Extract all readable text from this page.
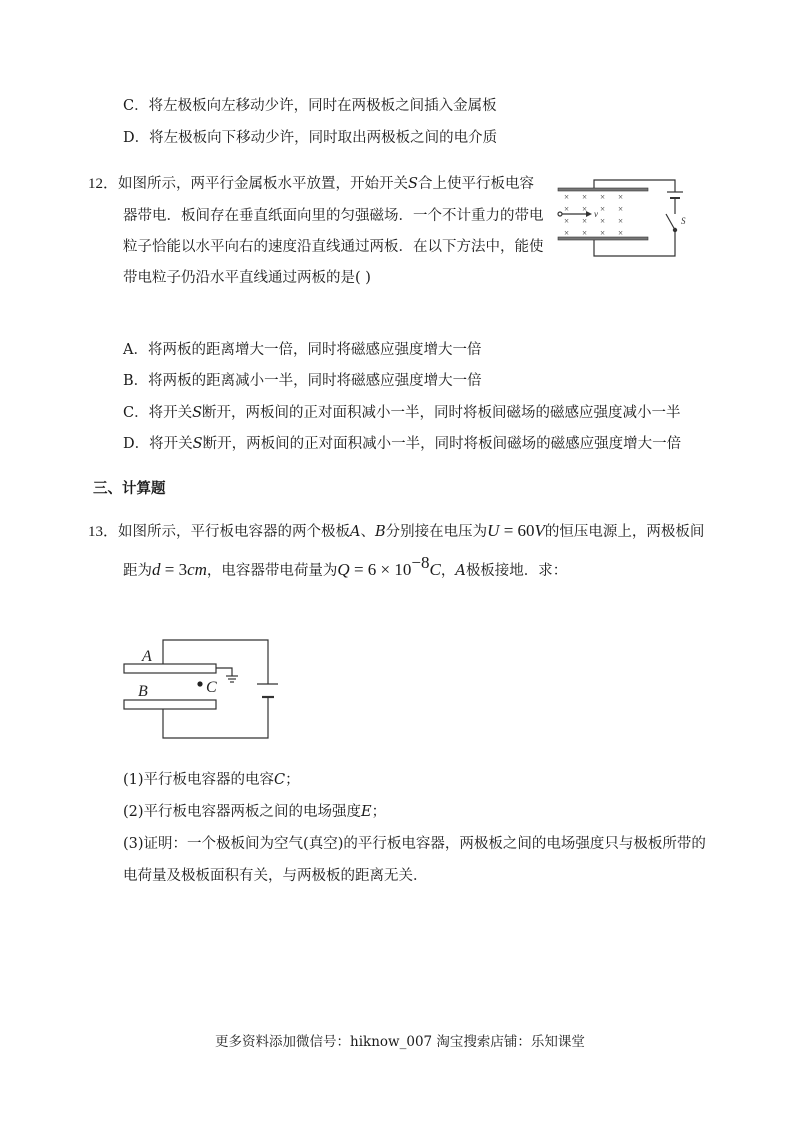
C．将左极板向左移动少许，同时在两极板之间插入金属板
D．将左极板向下移动少许，同时取出两极板之间的电介质
12．如图所示，两平行金属板水平放置，开始开关S合上使平行板电容
器带电．板间存在垂直纸面向里的匀强磁场．一个不计重力的带电
粒子恰能以水平向右的速度沿直线通过两板．在以下方法中，能使
带电粒子仍沿水平直线通过两板的是( )
× × × ×
× × × ×
× × × ×
× × × ×
v
S
A．将两板的距离增大一倍，同时将磁感应强度增大一倍
B．将两板的距离减小一半，同时将磁感应强度增大一倍
C．将开关S断开，两板间的正对面积减小一半，同时将板间磁场的磁感应强度减小一半
D．将开关S断开，两板间的正对面积减小一半，同时将板间磁场的磁感应强度增大一倍
三、计算题
13．如图所示，平行板电容器的两个极板A、B分别接在电压为U = 60V的恒压电源上，两极板间
距为d = 3cm，电容器带电荷量为$Q = 6 \times 10^{-8}C$，A极板接地．求：
A
B	C
(1)平行板电容器的电容C；
(2)平行板电容器两板之间的电场强度E；
(3)证明：一个极板间为空气(真空)的平行板电容器，两极板之间的电场强度只与极板所带的
电荷量及极板面积有关，与两极板的距离无关．
更多资料添加微信号：hiknow_007 淘宝搜索店铺：乐知课堂
